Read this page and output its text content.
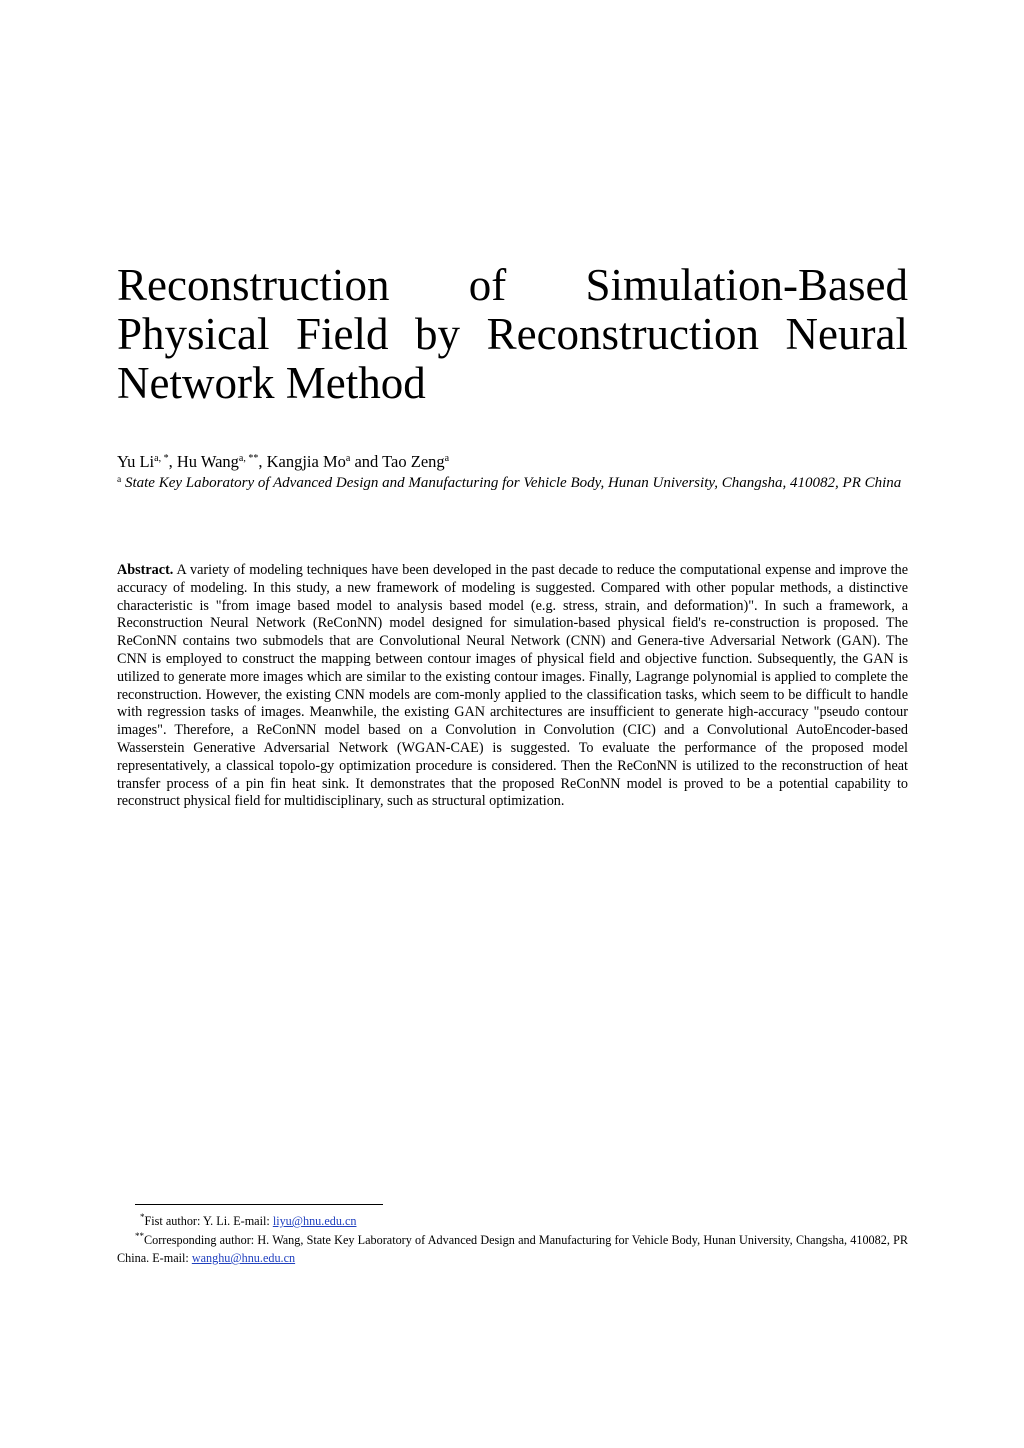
Reconstruction of Simulation-Based Physical Field by Reconstruction Neural Network Method

Yu $Li^{a, *}$, Hu Wang$^{a, **}$, Kangjia Mo$^a$ and Tao Zeng$^a$

$^a$ State Key Laboratory of Advanced Design and Manufacturing for Vehicle Body, Hunan University, Changsha, 410082, PR China

Abstract. A variety of modeling techniques have been developed in the past decade to reduce the computational expense and improve the accuracy of modeling. In this study, a new framework of modeling is suggested. Compared with other popular methods, a distinctive characteristic is "from image based model to analysis based model (e.g. stress, strain, and deformation)". In such a framework, a Reconstruction Neural Network (ReConNN) model designed for simulation-based physical field's re-construction is proposed. The ReConNN contains two submodels that are Convolutional Neural Network (CNN) and Genera-tive Adversarial Network (GAN). The CNN is employed to construct the mapping between contour images of physical field and objective function. Subsequently, the GAN is utilized to generate more images which are similar to the existing contour images. Finally, Lagrange polynomial is applied to complete the reconstruction. However, the existing CNN models are com-monly applied to the classification tasks, which seem to be difficult to handle with regression tasks of images. Meanwhile, the existing GAN architectures are insufficient to generate high-accuracy "pseudo contour images". Therefore, a ReConNN model based on a Convolution in Convolution (CIC) and a Convolutional AutoEncoder-based Wasserstein Generative Adversarial Network (WGAN-CAE) is suggested. To evaluate the performance of the proposed model representatively, a classical topolo-gy optimization procedure is considered. Then the ReConNN is utilized to the reconstruction of heat transfer process of a pin fin heat sink. It demonstrates that the proposed ReConNN model is proved to be a potential capability to reconstruct physical field for multidisciplinary, such as structural optimization.

*Fist author: Y. Li. E-mail: liyu@hnu.edu.cn

**Corresponding author: H. Wang, State Key Laboratory of Advanced Design and Manufacturing for Vehicle Body, Hunan University, Changsha, 410082, PR China. E-mail: wanghu@hnu.edu.cn
